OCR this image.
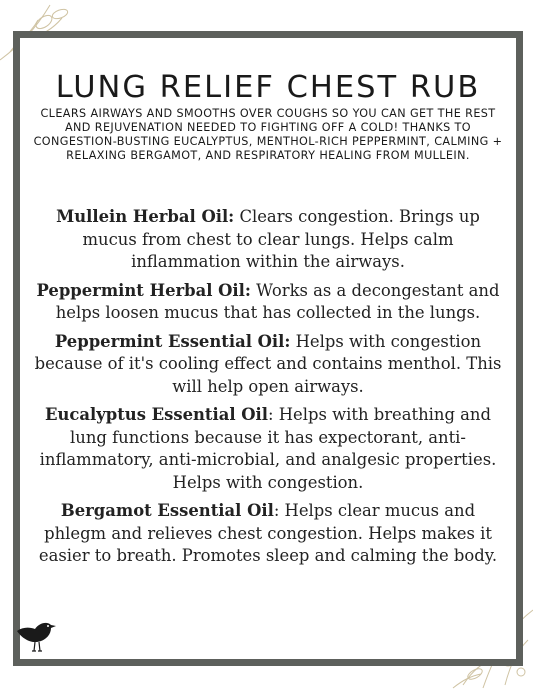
LUNG RELIEF CHEST RUB
CLEARS AIRWAYS AND SMOOTHS OVER COUGHS SO YOU CAN GET THE REST AND REJUVENATION NEEDED TO FIGHTING OFF A COLD! THANKS TO CONGESTION-BUSTING EUCALYPTUS, MENTHOL-RICH PEPPERMINT, CALMING + RELAXING BERGAMOT, AND RESPIRATORY HEALING FROM MULLEIN.

Mullein Herbal Oil: Clears congestion. Brings up mucus from chest to clear lungs. Helps calm inflammation within the airways.

Peppermint Herbal Oil: Works as a decongestant and helps loosen mucus that has collected in the lungs.

Peppermint Essential Oil: Helps with congestion because of it's cooling effect and contains menthol. This will help open airways.

Eucalyptus Essential Oil: Helps with breathing and lung functions because it has expectorant, anti-inflammatory, anti-microbial, and analgesic properties. Helps with congestion.

Bergamot Essential Oil: Helps clear mucus and phlegm and relieves chest congestion. Helps makes it easier to breath. Promotes sleep and calming the body.
